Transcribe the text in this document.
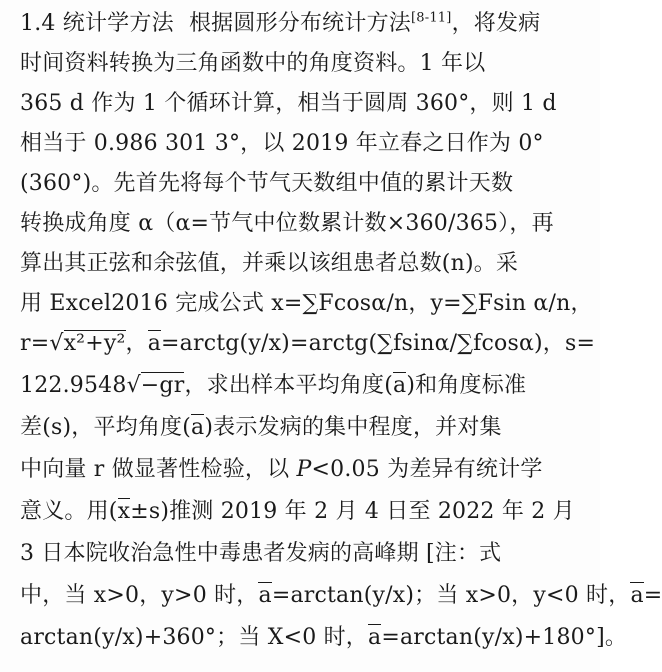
1.4 统计学方法 根据圆形分布统计方法[8-11]，将发病
时间资料转换为三角函数中的角度资料。1 年以
365 d 作为 1 个循环计算，相当于圆周 360°，则 1 d
相当于 0.986 301 3°，以 2019 年立春之日作为 0°
(360°)。先首先将每个节气天数组中值的累计天数
转换成角度 α（α=节气中位数累计数×360/365），再
算出其正弦和余弦值，并乘以该组患者总数(n)。采
用 Excel2016 完成公式 x=∑Fcosα/n，y=∑Fsin α/n，
r=√x²+y²，a=arctg(y/x)=arctg(∑fsinα/∑fcosα)，s=
122.9548√−gr，求出样本平均角度(a)和角度标准
差(s)，平均角度(a)表示发病的集中程度，并对集
中向量 r 做显著性检验，以 P<0.05 为差异有统计学
意义。用(x±s)推测 2019 年 2 月 4 日至 2022 年 2 月
3 日本院收治急性中毒患者发病的高峰期 [注：式
中，当 x>0，y>0 时，a=arctan(y/x)；当 x>0，y<0 时，a=
arctan(y/x)+360°；当 X<0 时，a=arctan(y/x)+180°]。
